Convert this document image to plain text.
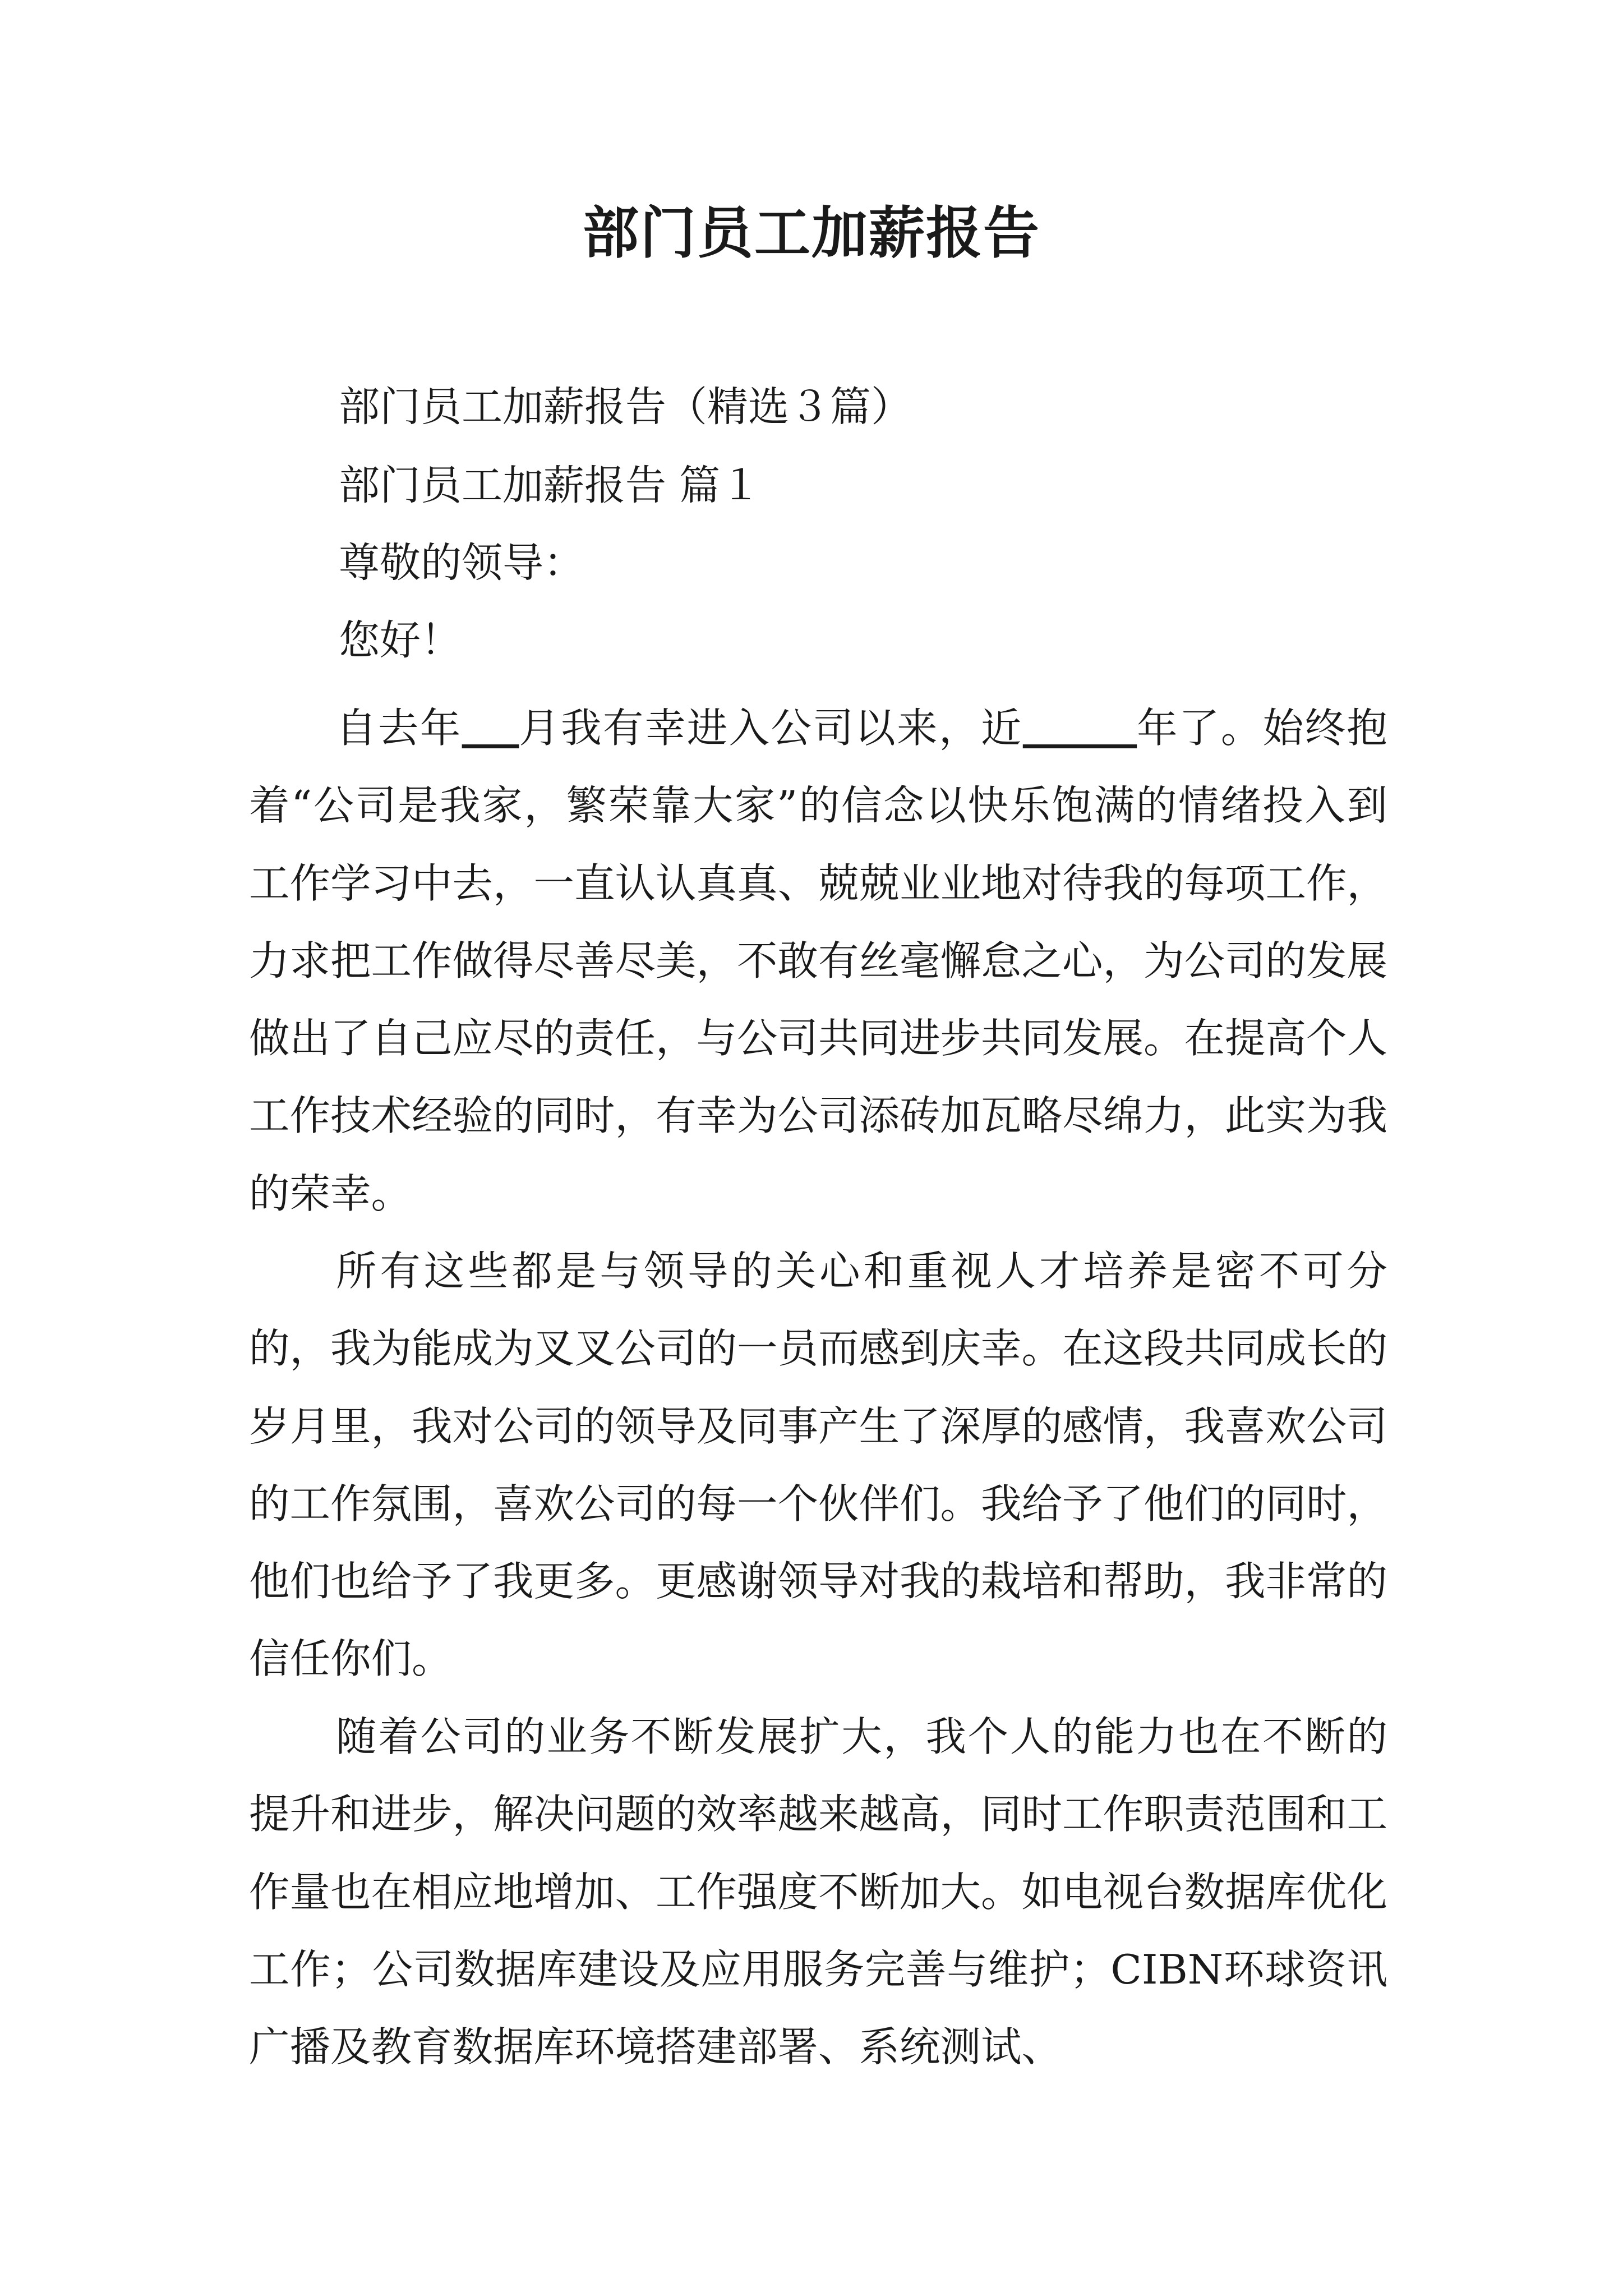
部门员工加薪报告
部门员工加薪报告（精选３篇）
部门员工加薪报告 篇１
尊敬的领导：
您好！

自去年 月我有幸进入公司以来，近	年了。始终抱着“公司是我家，繁荣靠大家”的信念以快乐饱满的情绪投入到工作学习中去，一直认认真真、兢兢业业地对待我的每项工作，力求把工作做得尽善尽美，不敢有丝毫懈怠之心，为公司的发展做出了自己应尽的责任，与公司共同进步共同发展。在提高个人工作技术经验的同时，有幸为公司添砖加瓦略尽绵力，此实为我的荣幸。

所有这些都是与领导的关心和重视人才培养是密不可分的，我为能成为叉叉公司的一员而感到庆幸。在这段共同成长的岁月里，我对公司的领导及同事产生了深厚的感情，我喜欢公司的工作氛围，喜欢公司的每一个伙伴们。我给予了他们的同时，他们也给予了我更多。更感谢领导对我的栽培和帮助，我非常的信任你们。

随着公司的业务不断发展扩大，我个人的能力也在不断的提升和进步，解决问题的效率越来越高，同时工作职责范围和工作量也在相应地增加、工作强度不断加大。如电视台数据库优化工作；公司数据库建设及应用服务完善与维护；CIBN环球资讯广播及教育数据库环境搭建部署、系统测试、
